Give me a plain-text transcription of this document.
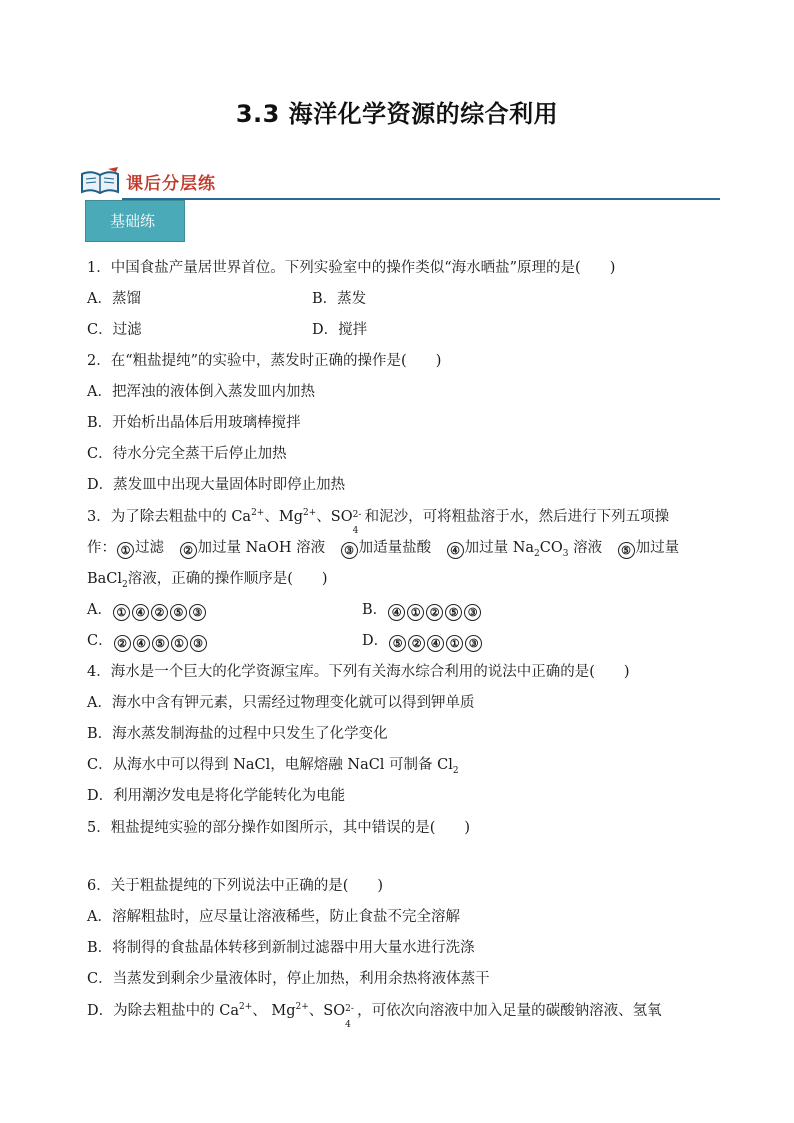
3.3 海洋化学资源的综合利用
课后分层练
基础练
1．中国食盐产量居世界首位。下列实验室中的操作类似“海水晒盐”原理的是(　　)
A．蒸馏	B．蒸发
C．过滤	D．搅拌
2．在“粗盐提纯”的实验中，蒸发时正确的操作是(　　)
A．把浑浊的液体倒入蒸发皿内加热
B．开始析出晶体后用玻璃棒搅拌
C．待水分完全蒸干后停止加热
D．蒸发皿中出现大量固体时即停止加热
3．为了除去粗盐中的 $Ca^{2+}$、$Mg^{2+}$、SO 2-
4
和泥沙，可将粗盐溶于水，然后进行下列五项操
作： ① 过滤　 ② 加过量 NaOH 溶液　 ③ 加适量盐酸　 ④ 加过量 $Na_2CO_3$ 溶液　 ⑤ 加过量
BaCl$_2$溶液，正确的操作顺序是(　　)
A． ① ④ ② ⑤ ③	B． ④ ① ② ⑤ ③
C． ② ④ ⑤ ① ③	D． ⑤ ② ④ ① ③
4．海水是一个巨大的化学资源宝库。下列有关海水综合利用的说法中正确的是(　　)
A．海水中含有钾元素，只需经过物理变化就可以得到钾单质
B．海水蒸发制海盐的过程中只发生了化学变化
C．从海水中可以得到 NaCl，电解熔融 NaCl 可制备 $Cl_2$
D．利用潮汐发电是将化学能转化为电能
5．粗盐提纯实验的部分操作如图所示，其中错误的是(　　)
6．关于粗盐提纯的下列说法中正确的是(　　)
A．溶解粗盐时，应尽量让溶液稀些，防止食盐不完全溶解
B．将制得的食盐晶体转移到新制过滤器中用大量水进行洗涤
C．当蒸发到剩余少量液体时，停止加热，利用余热将液体蒸干
D．为除去粗盐中的 $Ca^{2+}$、 $Mg^{2+}$、SO 2-
4
，可依次向溶液中加入足量的碳酸钠溶液、氢氧
